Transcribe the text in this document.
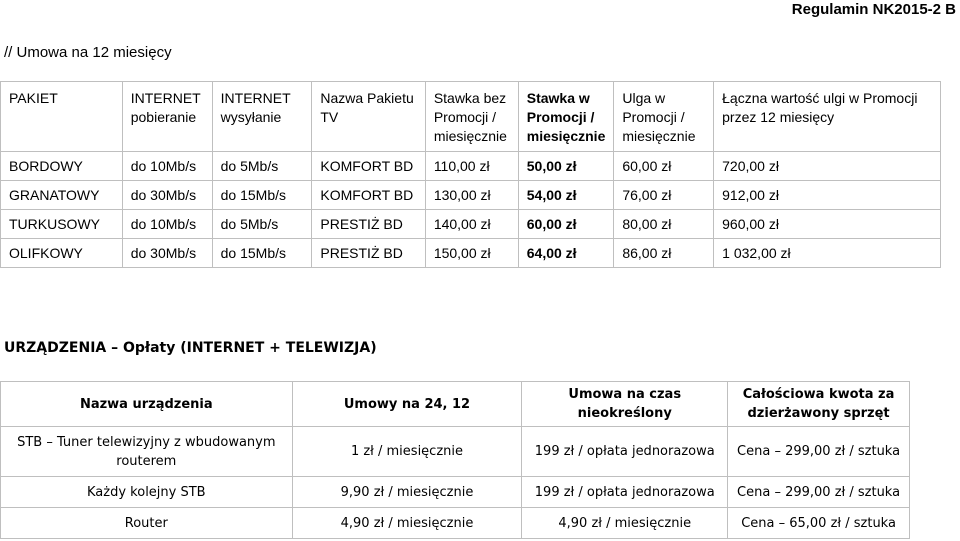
Regulamin NK2015-2 B
// Umowa na 12 miesięcy
PAKIET	INTERNET pobieranie	INTERNET wysyłanie	Nazwa Pakietu TV	Stawka bez Promocji / miesięcznie	Stawka w Promocji / miesięcznie	Ulga w Promocji / miesięcznie	Łączna wartość ulgi w Promocji przez 12 miesięcy
BORDOWY	do 10Mb/s	do 5Mb/s	KOMFORT BD	110,00 zł	50,00 zł	60,00 zł	720,00 zł
GRANATOWY	do 30Mb/s	do 15Mb/s	KOMFORT BD	130,00 zł	54,00 zł	76,00 zł	912,00 zł
TURKUSOWY	do 10Mb/s	do 5Mb/s	PRESTIŻ BD	140,00 zł	60,00 zł	80,00 zł	960,00 zł
OLIFKOWY	do 30Mb/s	do 15Mb/s	PRESTIŻ BD	150,00 zł	64,00 zł	86,00 zł	1 032,00 zł
URZĄDZENIA – Opłaty (INTERNET + TELEWIZJA)
Nazwa urządzenia	Umowy na 24, 12	Umowa na czas nieokreślony	Całościowa kwota za dzierżawony sprzęt
STB – Tuner telewizyjny z wbudowanym routerem	1 zł / miesięcznie	199 zł / opłata jednorazowa	Cena – 299,00 zł / sztuka
Każdy kolejny STB	9,90 zł / miesięcznie	199 zł / opłata jednorazowa	Cena – 299,00 zł / sztuka
Router	4,90 zł / miesięcznie	4,90 zł / miesięcznie	Cena – 65,00 zł / sztuka
